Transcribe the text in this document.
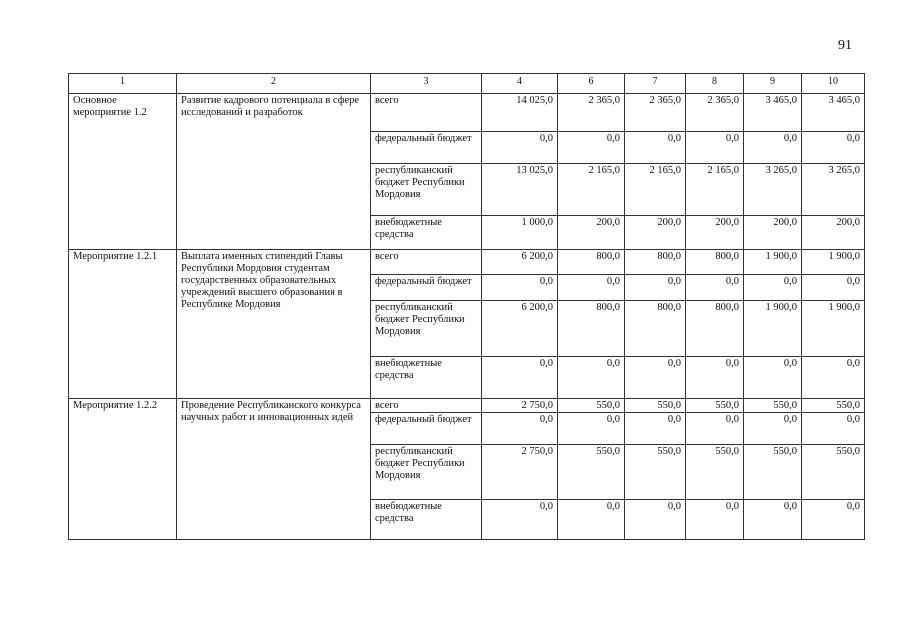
91
1	2	3	4	6	7	8	9	10
Основное мероприятие 1.2	Развитие кадрового потенциала в сфере исследований и разработок	всего	14 025,0	2 365,0	2 365,0	2 365,0	3 465,0	3 465,0
		федеральный бюджет	0,0	0,0	0,0	0,0	0,0	0,0
		республиканский бюджет Республики Мордовия	13 025,0	2 165,0	2 165,0	2 165,0	3 265,0	3 265,0
		внебюджетные средства	1 000,0	200,0	200,0	200,0	200,0	200,0
Мероприятие 1.2.1	Выплата именных стипендий Главы Республики Мордовия студентам государственных образовательных учреждений высшего образования в Республике Мордовия	всего	6 200,0	800,0	800,0	800,0	1 900,0	1 900,0
		федеральный бюджет	0,0	0,0	0,0	0,0	0,0	0,0
		республиканский бюджет Республики Мордовия	6 200,0	800,0	800,0	800,0	1 900,0	1 900,0
		внебюджетные средства	0,0	0,0	0,0	0,0	0,0	0,0
Мероприятие 1.2.2	Проведение Республиканского конкурса научных работ и инновационных идей	всего	2 750,0	550,0	550,0	550,0	550,0	550,0
		федеральный бюджет	0,0	0,0	0,0	0,0	0,0	0,0
		республиканский бюджет Республики Мордовия	2 750,0	550,0	550,0	550,0	550,0	550,0
		внебюджетные средства	0,0	0,0	0,0	0,0	0,0	0,0
